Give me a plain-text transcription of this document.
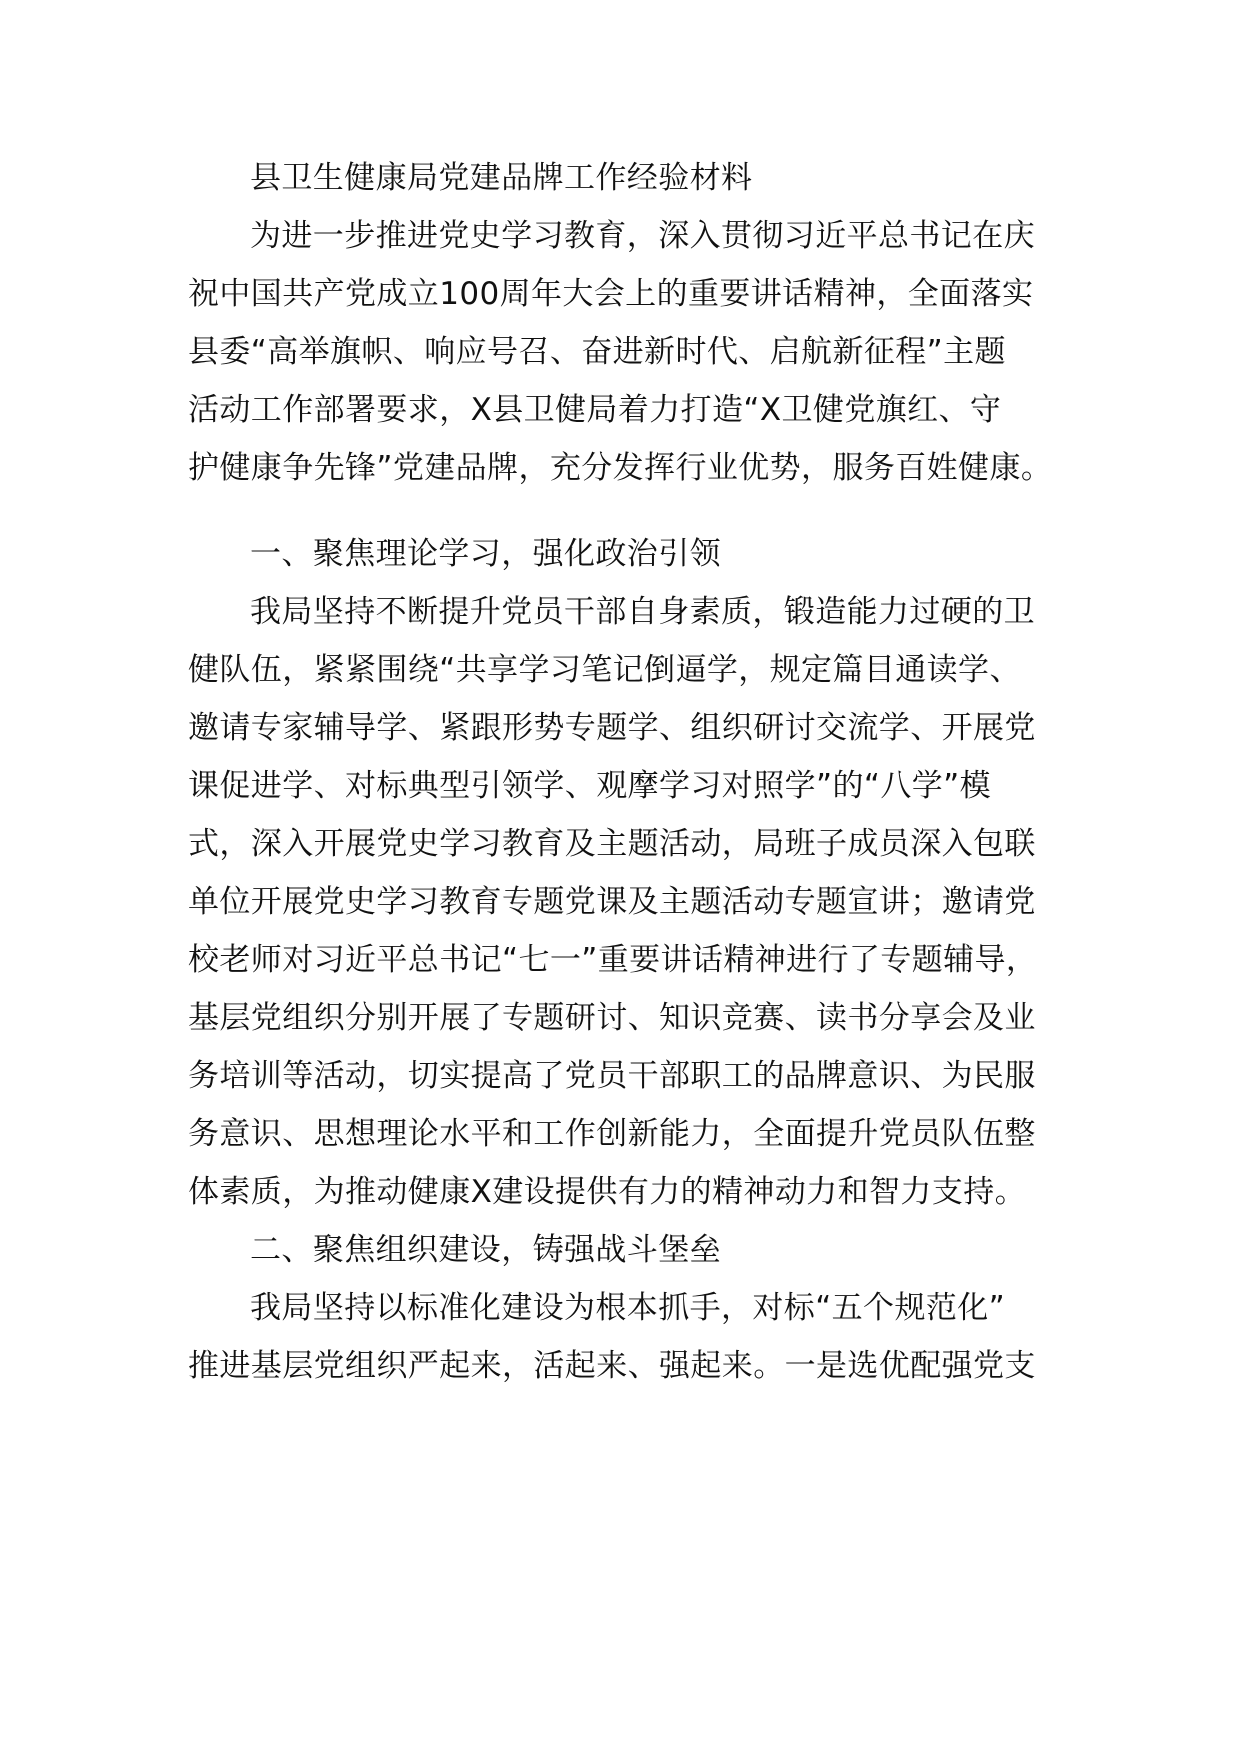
县卫生健康局党建品牌工作经验材料
为进一步推进党史学习教育，深入贯彻习近平总书记在庆
祝中国共产党成立100周年大会上的重要讲话精神，全面落实
县委“高举旗帜、响应号召、奋进新时代、启航新征程”主题
活动工作部署要求，X县卫健局着力打造“X卫健党旗红、守
护健康争先锋”党建品牌，充分发挥行业优势，服务百姓健康。
一、聚焦理论学习，强化政治引领
我局坚持不断提升党员干部自身素质，锻造能力过硬的卫
健队伍，紧紧围绕“共享学习笔记倒逼学，规定篇目通读学、
邀请专家辅导学、紧跟形势专题学、组织研讨交流学、开展党
课促进学、对标典型引领学、观摩学习对照学”的“八学”模
式，深入开展党史学习教育及主题活动，局班子成员深入包联
单位开展党史学习教育专题党课及主题活动专题宣讲；邀请党
校老师对习近平总书记“七一”重要讲话精神进行了专题辅导，
基层党组织分别开展了专题研讨、知识竞赛、读书分享会及业
务培训等活动，切实提高了党员干部职工的品牌意识、为民服
务意识、思想理论水平和工作创新能力，全面提升党员队伍整
体素质，为推动健康X建设提供有力的精神动力和智力支持。
二、聚焦组织建设，铸强战斗堡垒
我局坚持以标准化建设为根本抓手，对标“五个规范化”
推进基层党组织严起来，活起来、强起来。一是选优配强党支
